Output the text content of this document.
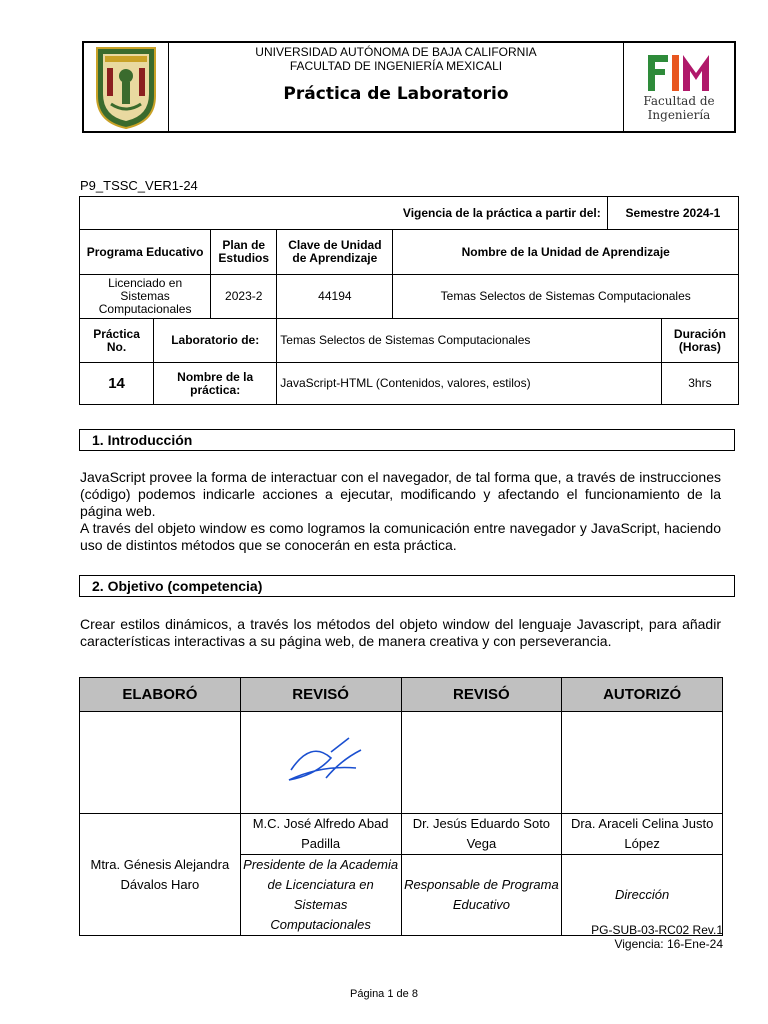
UNIVERSIDAD AUTÓNOMA DE BAJA CALIFORNIA
FACULTAD DE INGENIERÍA MEXICALI
Práctica de Laboratorio	Facultad de
Ingeniería
P9_TSSC_VER1-24
Vigencia de la práctica a partir del:					Semestre 2024-1	
Programa Educativo		Plan de Estudios	Clave de Unidad de Aprendizaje	Nombre de la Unidad de Aprendizaje		
Licenciado en Sistemas Computacionales		2023-2	44194	Temas Selectos de Sistemas Computacionales		
Práctica No.	Laboratorio de:		Temas Selectos de Sistemas Computacionales			Duración (Horas)
14	Nombre de la práctica:		JavaScript-HTML (Contenidos, valores, estilos)			3hrs
1. Introducción
JavaScript provee la forma de interactuar con el navegador, de tal forma que, a través de instrucciones (código) podemos indicarle acciones a ejecutar, modificando y afectando el funcionamiento de la página web.
A través del objeto window es como logramos la comunicación entre navegador y JavaScript, haciendo uso de distintos métodos que se conocerán en esta práctica.
2. Objetivo (competencia)
Crear estilos dinámicos, a través los métodos del objeto window del lenguaje Javascript, para añadir características interactivas a su página web, de manera creativa y con perseverancia.
ELABORÓ	REVISÓ	REVISÓ	AUTORIZÓ

Mtra. Génesis Alejandra Dávalos Haro	M.C. José Alfredo Abad Padilla	Dr. Jesús Eduardo Soto Vega	Dra. Araceli Celina Justo López
	Presidente de la Academia de Licenciatura en Sistemas Computacionales	Responsable de Programa Educativo	Dirección
PG-SUB-03-RC02 Rev.1
Vigencia: 16-Ene-24
Página 1 de 8
